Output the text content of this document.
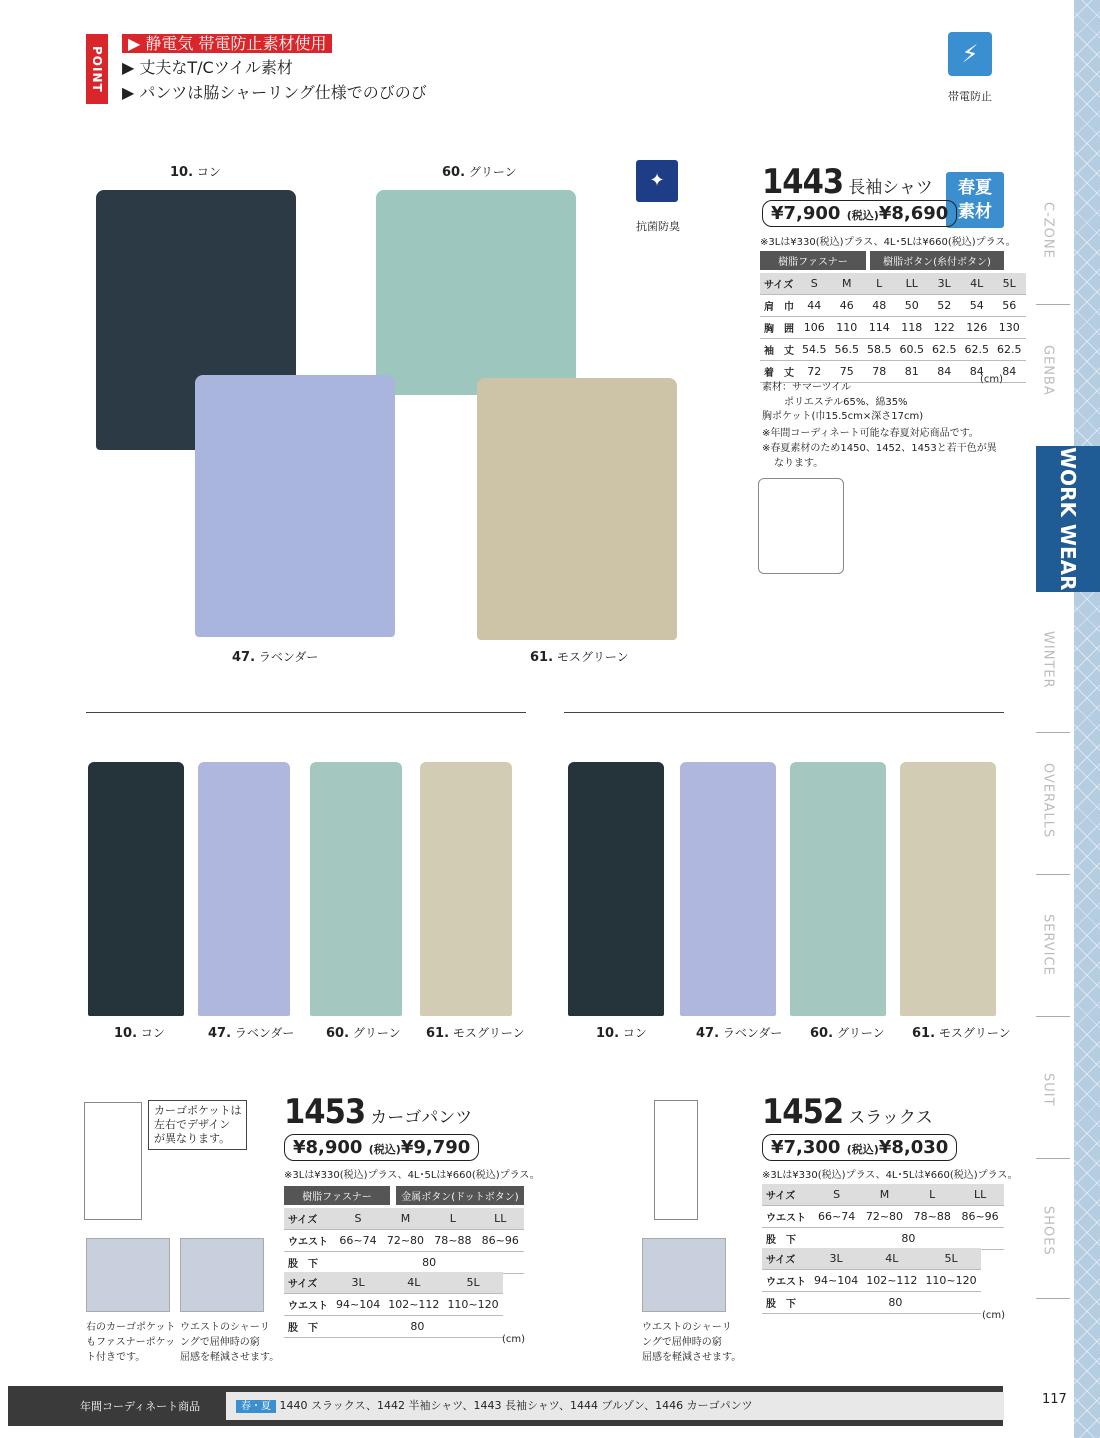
POINT
▶ 静電気 帯電防止素材使用
▶ 丈夫なT/Cツイル素材
▶ パンツは脇シャーリング仕様でのびのび
⚡
帯電防止
10. コン	60. グリーン
47. ラベンダー	61. モスグリーン
✦
抗菌防臭
1443 長袖シャツ	春夏
素材
¥7,900 (税込)¥8,690
※3Lは¥330(税込)プラス、4L･5Lは¥660(税込)プラス。
樹脂ファスナー	樹脂ボタン(糸付ボタン)
サイズ	S	M	L	LL	3L	4L	5L
肩　巾	44	46	48	50	52	54	56
胸　囲	106	110	114	118	122	126	130
袖　丈	54.5	56.5	58.5	60.5	62.5	62.5	62.5
着　丈	72	75	78	81	84	84	84
(cm)
素材：サマーツイル
ポリエステル65%、綿35%
胸ポケット(巾15.5cm×深さ17cm)
※年間コーディネート可能な春夏対応商品です。
※春夏素材のため1450、1452、1453と若干色が異
なります。
10. コン	47. ラベンダー 60. グリーン 61. モスグリーン	10. コン	47. ラベンダー 60. グリーン 61. モスグリーン
カーゴポケットは
左右でデザイン
が異なります。
1453 カーゴパンツ
¥8,900 (税込)¥9,790
※3Lは¥330(税込)プラス、4L･5Lは¥660(税込)プラス。
樹脂ファスナー	金属ボタン(ドットボタン)
サイズ	S	M	L	LL
ウエスト	66~74	72~80	78~88	86~96
股　下	80			
サイズ	3L	4L	5L
ウエスト	94~104	102~112	110~120
股　下	80		
(cm)
右のカーゴポケット
もファスナーポケッ
ト付きです。
ウエストのシャーリ
ングで屈伸時の窮
屈感を軽減させます。
1452 スラックス
¥7,300 (税込)¥8,030
※3Lは¥330(税込)プラス、4L･5Lは¥660(税込)プラス。
サイズ	S	M	L	LL
ウエスト	66~74	72~80	78~88	86~96
股　下	80			
サイズ	3L	4L	5L
ウエスト	94~104	102~112	110~120
股　下	80		
(cm)
ウエストのシャーリ
ングで屈伸時の窮
屈感を軽減させます。
C-ZONE
GENBA
WORK WEAR
WINTER
OVERALLS
SERVICE
SUIT
SHOES
年間コーディネート商品	春・夏 1440 スラックス、1442 半袖シャツ、1443 長袖シャツ、1444 ブルゾン、1446 カーゴパンツ	117
